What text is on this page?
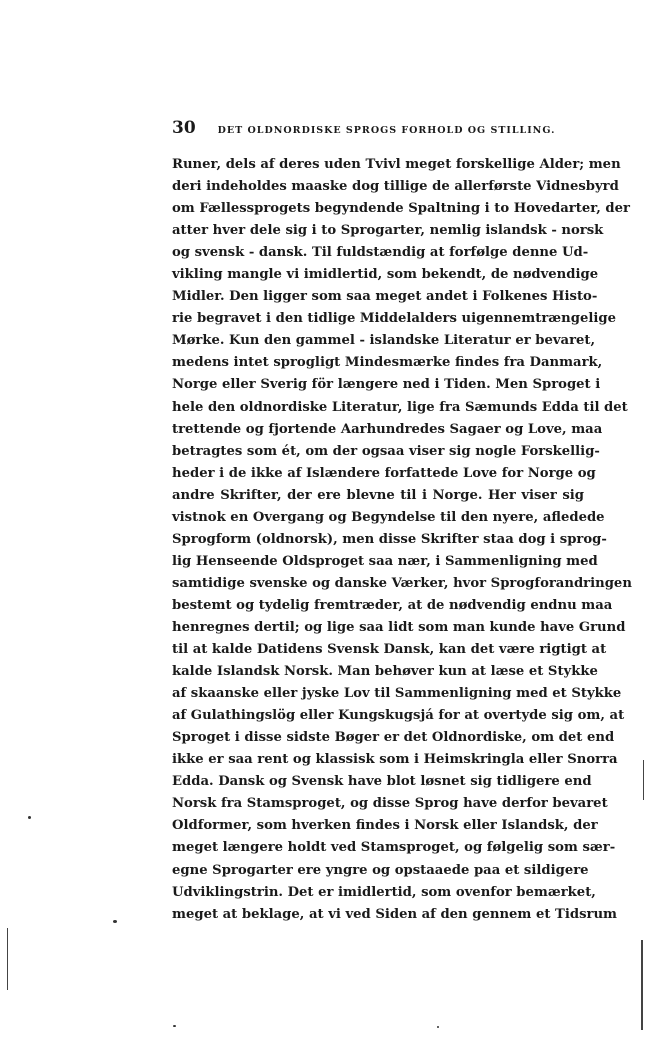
30 DET OLDNORDISKE SPROGS FORHOLD OG STILLING.
Runer, dels af deres uden Tvivl meget forskellige Alder; men
deri indeholdes maaske dog tillige de allerførste Vidnesbyrd
om Fællessprogets begyndende Spaltning i to Hovedarter, der
atter hver dele sig i to Sprogarter, nemlig islandsk - norsk
og svensk - dansk. Til fuldstændig at forfølge denne Ud-
vikling mangle vi imidlertid, som bekendt, de nødvendige
Midler. Den ligger som saa meget andet i Folkenes Histo-
rie begravet i den tidlige Middelalders uigennemtrængelige
Mørke. Kun den gammel - islandske Literatur er bevaret,
medens intet sprogligt Mindesmærke findes fra Danmark,
Norge eller Sverig för længere ned i Tiden. Men Sproget i
hele den oldnordiske Literatur, lige fra Sæmunds Edda til det
trettende og fjortende Aarhundredes Sagaer og Love, maa
betragtes som ét, om der ogsaa viser sig nogle Forskellig-
heder i de ikke af Islændere forfattede Love for Norge og
andre Skrifter, der ere blevne til i Norge. Her viser sig
vistnok en Overgang og Begyndelse til den nyere, afledede
Sprogform (oldnorsk), men disse Skrifter staa dog i sprog-
lig Henseende Oldsproget saa nær, i Sammenligning med
samtidige svenske og danske Værker, hvor Sprogforandringen
bestemt og tydelig fremtræder, at de nødvendig endnu maa
henregnes dertil; og lige saa lidt som man kunde have Grund
til at kalde Datidens Svensk Dansk, kan det være rigtigt at
kalde Islandsk Norsk. Man behøver kun at læse et Stykke
af skaanske eller jyske Lov til Sammenligning med et Stykke
af Gulathingslög eller Kungskugsjá for at overtyde sig om, at
Sproget i disse sidste Bøger er det Oldnordiske, om det end
ikke er saa rent og klassisk som i Heimskringla eller Snorra
Edda. Dansk og Svensk have blot løsnet sig tidligere end
Norsk fra Stamsproget, og disse Sprog have derfor bevaret
Oldformer, som hverken findes i Norsk eller Islandsk, der
meget længere holdt ved Stamsproget, og følgelig som sær-
egne Sprogarter ere yngre og opstaaede paa et sildigere
Udviklingstrin. Det er imidlertid, som ovenfor bemærket,
meget at beklage, at vi ved Siden af den gennem et Tidsrum
